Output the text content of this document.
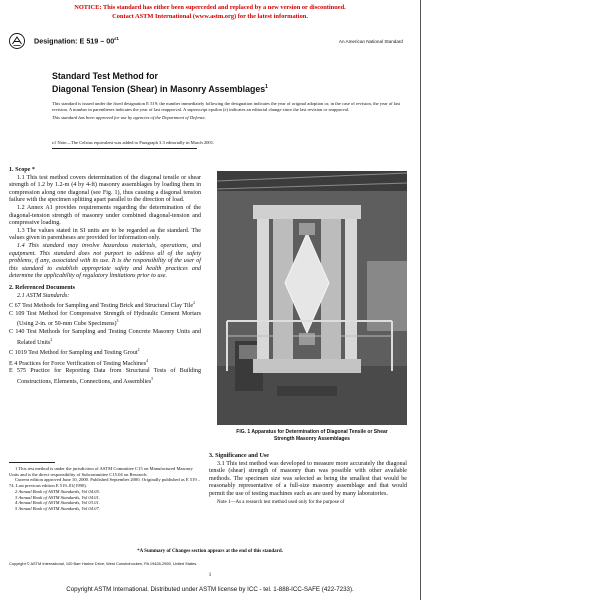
NOTICE: This standard has either been superceded and replaced by a new version or discontinued.
Contact ASTM International (www.astm.org) for the latest information.
Designation: E $519 - 00^{\varepsilon 1}$
An American National Standard
Standard Test Method for
Diagonal Tension (Shear) in Masonry Assemblages$^1$

This standard is issued under the fixed designation E 519; the number immediately following the designation indicates the year of original adoption or, in the case of revision, the year of last revision. A number in parentheses indicates the year of last reapproval. A superscript epsilon (ε) indicates an editorial change since the last revision or reapproval.

This standard has been approved for use by agencies of the Department of Defense.

ε1 Note—The Celsius equivalent was added to Paragraph 3.3 editorially in March 2001.

1. Scope *

1.1 This test method covers determination of the diagonal tensile or shear strength of 1.2 by 1.2-m (4 by 4-ft) masonry assemblages by loading them in compression along one diagonal (see Fig. 1), thus causing a diagonal tension failure with the specimen splitting apart parallel to the direction of load.

1.2 Annex A1 provides requirements regarding the determination of the diagonal-tension strength of masonry under combined diagonal-tension and compressive loading.

1.3 The values stated in SI units are to be regarded as the standard. The values given in parentheses are provided for information only.

1.4 This standard may involve hazardous materials, operations, and equipment. This standard does not purport to address all of the safety problems, if any, associated with its use. It is the responsibility of the user of this standard to establish appropriate safety and health practices and determine the applicability of regulatory limitations prior to use.

2. Referenced Documents

2.1 ASTM Standards:

C 67 Test Methods for Sampling and Testing Brick and Structural Clay Tile$^2$

C 109 Test Method for Compressive Strength of Hydraulic Cement Mortars (Using 2-in. or 50-mm Cube Specimens)$^3$

C 140 Test Methods for Sampling and Testing Concrete Masonry Units and Related Units$^2$

C 1019 Test Method for Sampling and Testing Grout$^2$

E 4 Practices for Force Verification of Testing Machines$^4$

E 575 Practice for Reporting Data from Structural Tests of Building Constructions, Elements, Connections, and Assemblies$^5$

1 This test method is under the jurisdiction of ASTM Committee C15 on Manufactured Masonry Units and is the direct responsibility of Subcommittee C15.04 on Research.

Current edition approved June 10, 2000. Published September 2000. Originally published as E 519 – 74. Last previous edition E 519–81(1990).

2 Annual Book of ASTM Standards, Vol 04.05.

3 Annual Book of ASTM Standards, Vol 04.01.

4 Annual Book of ASTM Standards, Vol 03.01.

5 Annual Book of ASTM Standards, Vol 04.07.

FIG. 1 Apparatus for Determination of Diagonal Tensile or Shear
Strength Masonry Assemblages

3. Significance and Use

3.1 This test method was developed to measure more accurately the diagonal tensile (shear) strength of masonry than was possible with other available methods. The specimen size was selected as being the smallest that would be reasonably representative of a full-size masonry assemblage and that would permit the use of testing machines such as are used by many laboratories.

Note 1—As a research test method used only for the purpose of

*A Summary of Changes section appears at the end of this standard.
Copyright © ASTM International, 100 Barr Harbor Drive, West Conshohocken, PA 19428-2959, United States.
1
Copyright ASTM International. Distributed under ASTM license by ICC - tel. 1-888-ICC-SAFE (422-7233).
